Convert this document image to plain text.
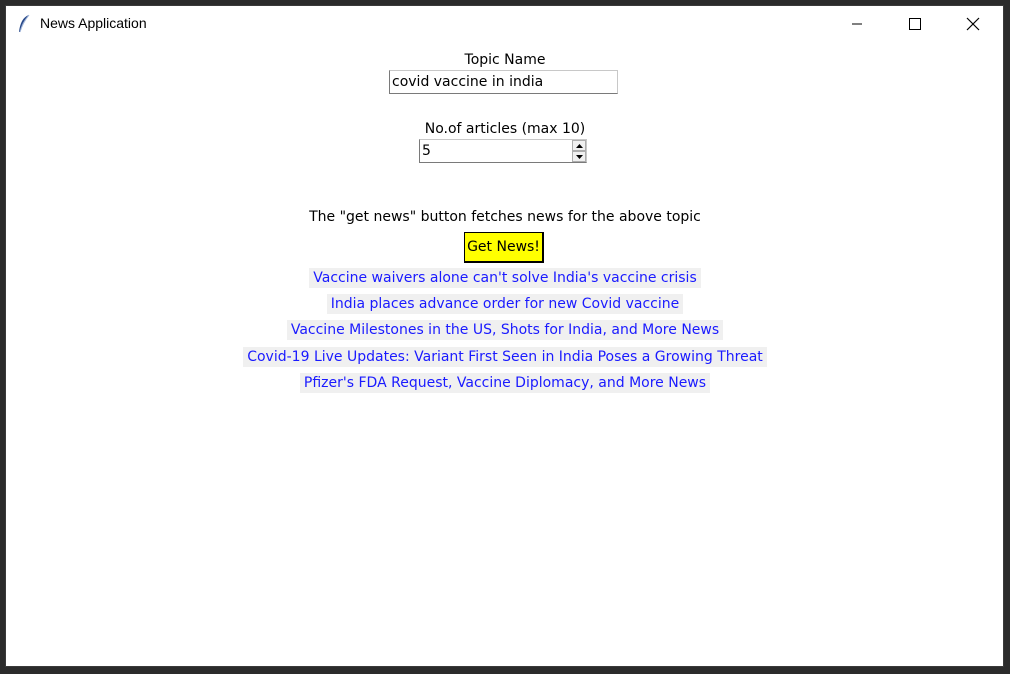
News Application
Topic Name
covid vaccine in india
No.of articles (max 10)
5
The "get news" button fetches news for the above topic
Get News!
Vaccine waivers alone can't solve India's vaccine crisis
India places advance order for new Covid vaccine
Vaccine Milestones in the US, Shots for India, and More News
Covid-19 Live Updates: Variant First Seen in India Poses a Growing Threat
Pfizer's FDA Request, Vaccine Diplomacy, and More News
